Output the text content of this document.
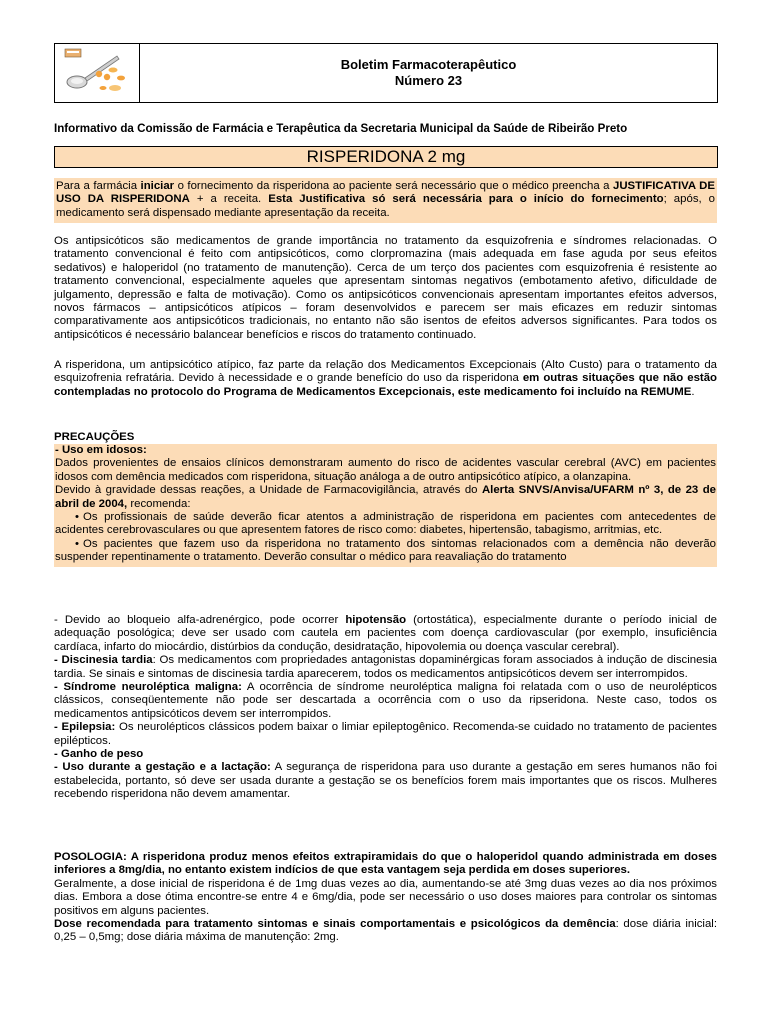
Boletim Farmacoterapêutico
Número 23
Informativo da Comissão de Farmácia e Terapêutica da Secretaria Municipal da Saúde de Ribeirão Preto
RISPERIDONA 2 mg

Para a farmácia iniciar o fornecimento da risperidona ao paciente será necessário que o médico preencha a JUSTIFICATIVA DE USO DA RISPERIDONA + a receita. Esta Justificativa só será necessária para o início do fornecimento; após, o medicamento será dispensado mediante apresentação da receita.

Os antipsicóticos são medicamentos de grande importância no tratamento da esquizofrenia e síndromes relacionadas. O tratamento convencional é feito com antipsicóticos, como clorpromazina (mais adequada em fase aguda por seus efeitos sedativos) e haloperidol (no tratamento de manutenção). Cerca de um terço dos pacientes com esquizofrenia é resistente ao tratamento convencional, especialmente aqueles que apresentam sintomas negativos (embotamento afetivo, dificuldade de julgamento, depressão e falta de motivação). Como os antipsicóticos convencionais apresentam importantes efeitos adversos, novos fármacos – antipsicóticos atípicos – foram desenvolvidos e parecem ser mais eficazes em reduzir sintomas comparativamente aos antipsicóticos tradicionais, no entanto não são isentos de efeitos adversos significantes. Para todos os antipsicóticos é necessário balancear benefícios e riscos do tratamento continuado.

A risperidona, um antipsicótico atípico, faz parte da relação dos Medicamentos Excepcionais (Alto Custo) para o tratamento da esquizofrenia refratária. Devido à necessidade e o grande benefício do uso da risperidona em outras situações que não estão contempladas no protocolo do Programa de Medicamentos Excepcionais, este medicamento foi incluído na REMUME.

PRECAUÇÕES

- Uso em idosos:
Dados provenientes de ensaios clínicos demonstraram aumento do risco de acidentes vascular cerebral (AVC) em pacientes idosos com demência medicados com risperidona, situação análoga a de outro antipsicótico atípico, a olanzapina.
Devido à gravidade dessas reações, a Unidade de Farmacovigilância, através do Alerta SNVS/Anvisa/UFARM nº 3, de 23 de abril de 2004, recomenda:
• Os profissionais de saúde deverão ficar atentos a administração de risperidona em pacientes com antecedentes de acidentes cerebrovasculares ou que apresentem fatores de risco como: diabetes, hipertensão, tabagismo, arritmias, etc.
• Os pacientes que fazem uso da risperidona no tratamento dos sintomas relacionados com a demência não deverão suspender repentinamente o tratamento. Deverão consultar o médico para reavaliação do tratamento
- Devido ao bloqueio alfa-adrenérgico, pode ocorrer hipotensão (ortostática), especialmente durante o período inicial de adequação posológica; deve ser usado com cautela em pacientes com doença cardiovascular (por exemplo, insuficiência cardíaca, infarto do miocárdio, distúrbios da condução, desidratação, hipovolemia ou doença vascular cerebral).
- Discinesia tardia: Os medicamentos com propriedades antagonistas dopaminérgicas foram associados à indução de discinesia tardia. Se sinais e sintomas de discinesia tardia aparecerem, todos os medicamentos antipsicóticos devem ser interrompidos.
- Síndrome neuroléptica maligna: A ocorrência de síndrome neuroléptica maligna foi relatada com o uso de neurolépticos clássicos, conseqüentemente não pode ser descartada a ocorrência com o uso da ripseridona. Neste caso, todos os medicamentos antipsicóticos devem ser interrompidos.
- Epilepsia: Os neurolépticos clássicos podem baixar o limiar epileptogênico. Recomenda-se cuidado no tratamento de pacientes epilépticos.
- Ganho de peso
- Uso durante a gestação e a lactação: A segurança de risperidona para uso durante a gestação em seres humanos não foi estabelecida, portanto, só deve ser usada durante a gestação se os benefícios forem mais importantes que os riscos. Mulheres recebendo risperidona não devem amamentar.
POSOLOGIA: A risperidona produz menos efeitos extrapiramidais do que o haloperidol quando administrada em doses inferiores a 8mg/dia, no entanto existem indícios de que esta vantagem seja perdida em doses superiores.
Geralmente, a dose inicial de risperidona é de 1mg duas vezes ao dia, aumentando-se até 3mg duas vezes ao dia nos próximos dias. Embora a dose ótima encontre-se entre 4 e 6mg/dia, pode ser necessário o uso doses maiores para controlar os sintomas positivos em alguns pacientes.
Dose recomendada para tratamento sintomas e sinais comportamentais e psicológicos da demência: dose diária inicial: 0,25 – 0,5mg; dose diária máxima de manutenção: 2mg.
